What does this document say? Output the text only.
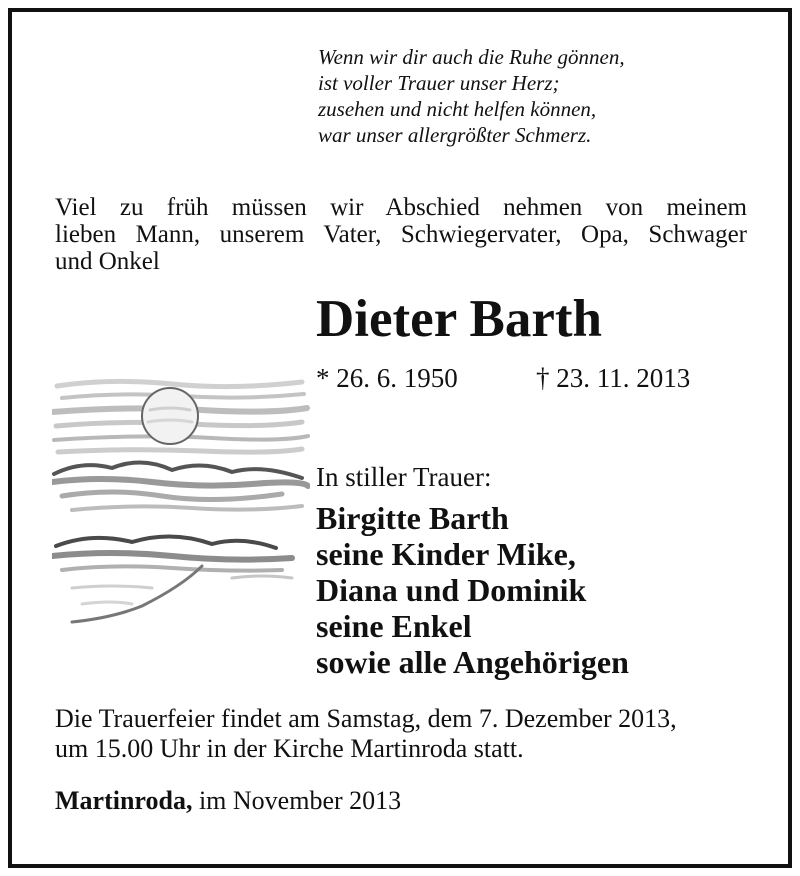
Wenn wir dir auch die Ruhe gönnen,
ist voller Trauer unser Herz;
zusehen und nicht helfen können,
war unser allergrößter Schmerz.
Viel zu früh müssen wir Abschied nehmen von meinem
lieben Mann, unserem Vater, Schwiegervater, Opa, Schwager
und Onkel
Dieter Barth
* 26. 6. 1950	† 23. 11. 2013
In stiller Trauer:
Birgitte Barth
seine Kinder Mike,
Diana und Dominik
seine Enkel
sowie alle Angehörigen
Die Trauerfeier findet am Samstag, dem 7. Dezember 2013,
um 15.00 Uhr in der Kirche Martinroda statt.
Martinroda, im November 2013
